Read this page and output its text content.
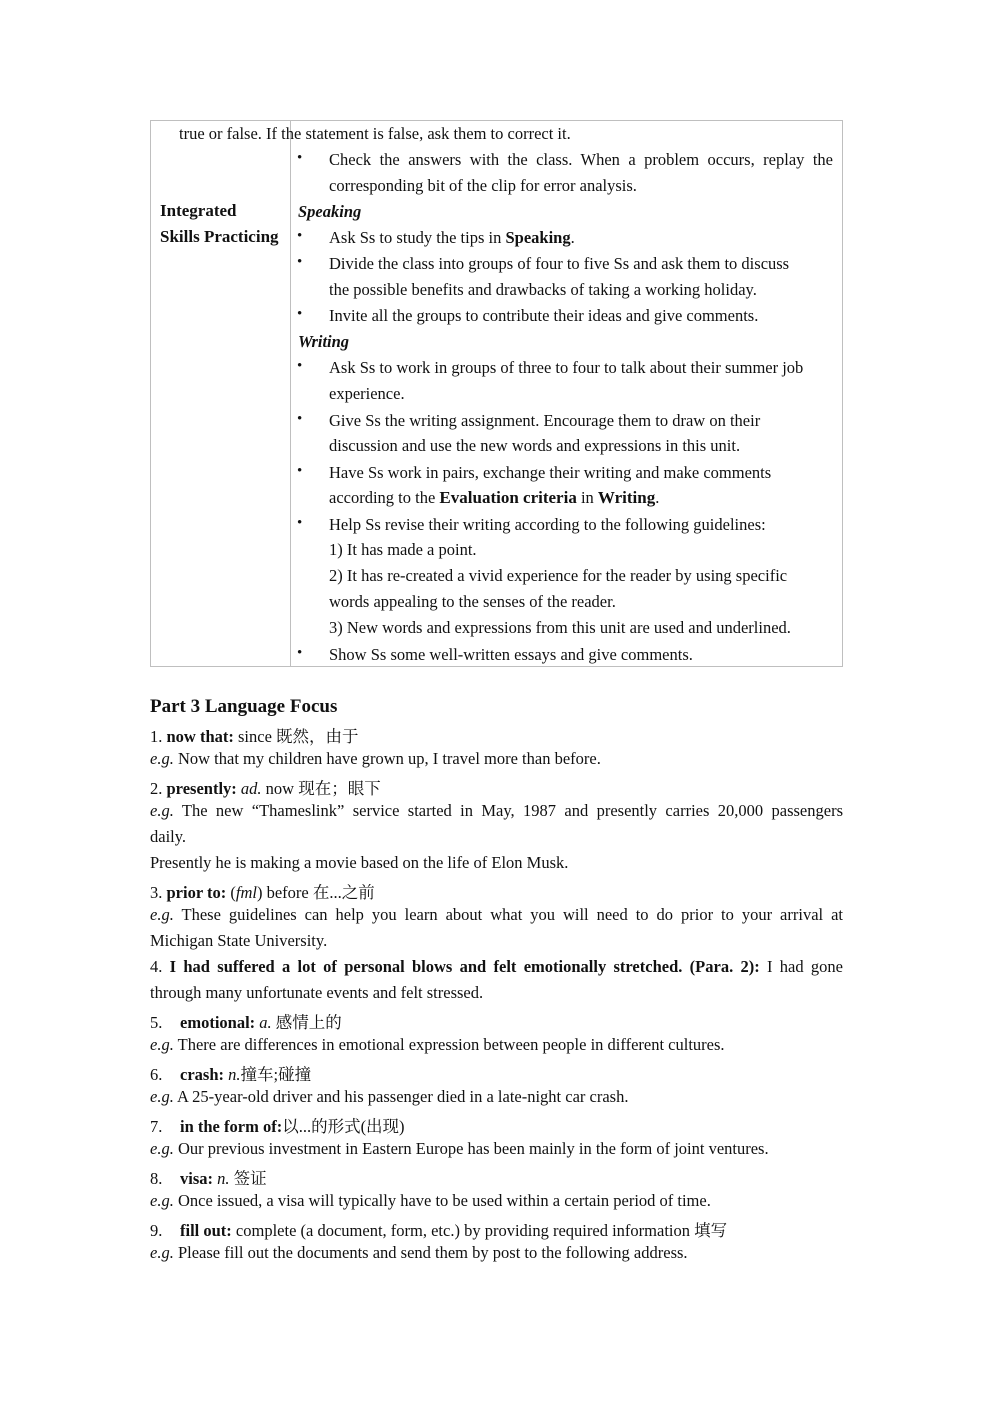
Integrated
Skills Practicing
true or false. If the statement is false, ask them to correct it.
•	Check the answers with the class. When a problem occurs, replay the
corresponding bit of the clip for error analysis.
Speaking
•	Ask Ss to study the tips in Speaking.
•	Divide the class into groups of four to five Ss and ask them to discuss
the possible benefits and drawbacks of taking a working holiday.
•	Invite all the groups to contribute their ideas and give comments.
Writing
•	Ask Ss to work in groups of three to four to talk about their summer job
experience.
•	Give Ss the writing assignment. Encourage them to draw on their
discussion and use the new words and expressions in this unit.
•	Have Ss work in pairs, exchange their writing and make comments
according to the Evaluation criteria in Writing.
•	Help Ss revise their writing according to the following guidelines:
1) It has made a point.
2) It has re-created a vivid experience for the reader by using specific
words appealing to the senses of the reader.
3) New words and expressions from this unit are used and underlined.
•	Show Ss some well-written essays and give comments.
Part 3 Language Focus
1. now that: since 既然，由于
e.g. Now that my children have grown up, I travel more than before.
2. presently: ad. now 现在；眼下
e.g. The new “Thameslink” service started in May, 1987 and presently carries 20,000 passengers
daily.
Presently he is making a movie based on the life of Elon Musk.
3. prior to: (fml) before 在...之前
e.g. These guidelines can help you learn about what you will need to do prior to your arrival at
Michigan State University.
4. I had suffered a lot of personal blows and felt emotionally stretched. (Para. 2): I had gone
through many unfortunate events and felt stressed.
5. emotional: a. 感情上的
e.g. There are differences in emotional expression between people in different cultures.
6. crash: n.撞车;碰撞
e.g. A 25-year-old driver and his passenger died in a late-night car crash.
7. in the form of:以...的形式(出现)
e.g. Our previous investment in Eastern Europe has been mainly in the form of joint ventures.
8. visa: n. 签证
e.g. Once issued, a visa will typically have to be used within a certain period of time.
9. fill out: complete (a document, form, etc.) by providing required information 填写
e.g. Please fill out the documents and send them by post to the following address.
